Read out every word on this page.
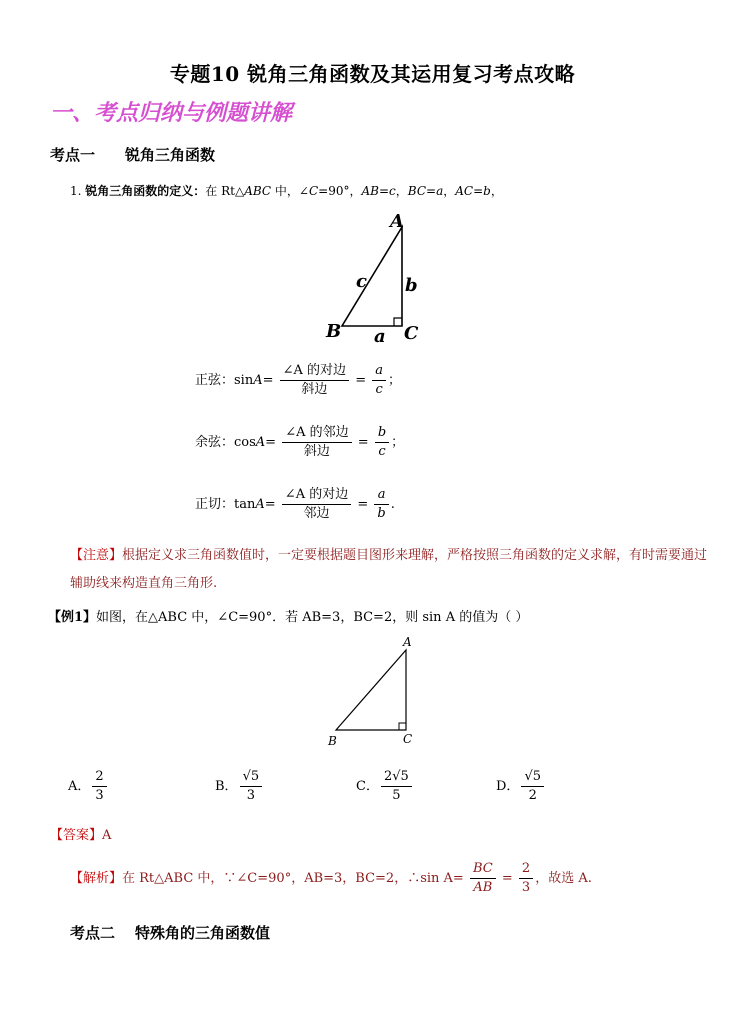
专题10 锐角三角函数及其运用复习考点攻略
一、考点归纳与例题讲解
考点一 锐角三角函数
1. 锐角三角函数的定义：在 Rt△ABC 中，∠C=90°，AB=c，BC=a，AC=b，
A
B	C
c b
a
正弦：$\sin A= \frac{\text{∠A 的对边}}{\text{斜边}} = \frac{a}{c}$ ；
余弦：$\cos A= \frac{\text{∠A 的邻边}}{\text{斜边}} = \frac{b}{c}$ ；
正切：$\tan A= \frac{\text{∠A 的对边}}{\text{邻边}} = \frac{a}{b}$ .
【注意】根据定义求三角函数值时，一定要根据题目图形来理解，严格按照三角函数的定义求解，有时需要通过辅助线来构造直角三角形.
【例1】如图，在△ABC 中，∠C=90°．若 AB=3，BC=2，则 sin A 的值为（ ）
A
B	C
A． $\frac{2}{3}$	B． $\frac{√5}{3}$	C． $\frac{2√5}{5}$	D． $\frac{√5}{2}$
【答案】A
【解析】在 Rt△ABC 中，∵∠C=90°，AB=3，BC=2，∴sin $A= \frac{BC}{AB} = \frac{2}{3}$ ，故选 A.
考点二 特殊角的三角函数值
